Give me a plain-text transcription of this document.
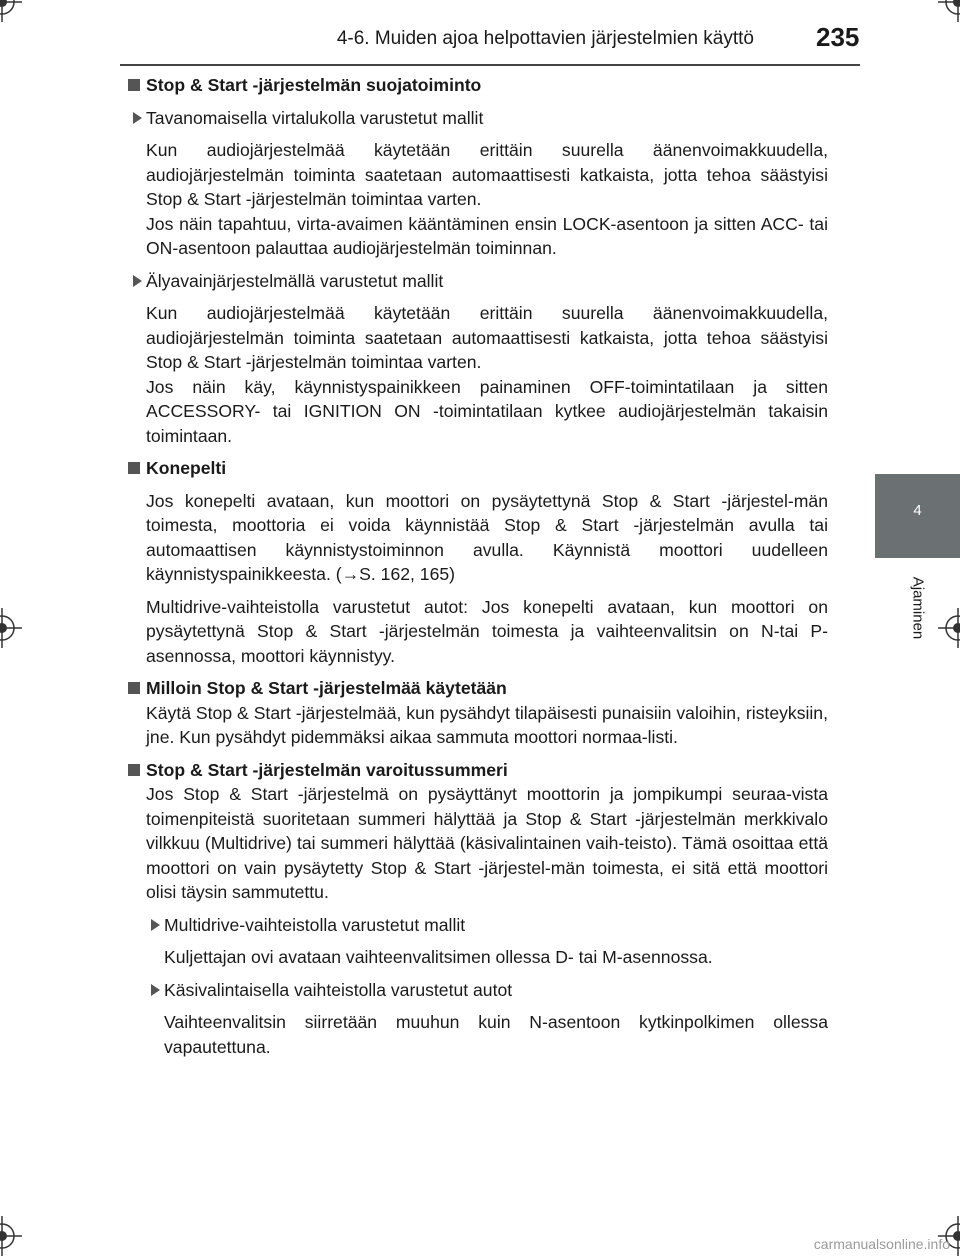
4-6. Muiden ajoa helpottavien järjestelmien käyttö 235
4
Ajaminen

Stop & Start -järjestelmän suojatoiminto

Tavanomaisella virtalukolla varustetut mallit

Kun audiojärjestelmää käytetään erittäin suurella äänenvoimakkuudella, audiojärjestelmän toiminta saatetaan automaattisesti katkaista, jotta tehoa säästyisi Stop & Start -järjestelmän toimintaa varten.

Jos näin tapahtuu, virta-avaimen kääntäminen ensin LOCK-asentoon ja sitten ACC- tai ON-asentoon palauttaa audiojärjestelmän toiminnan.

Älyavainjärjestelmällä varustetut mallit

Kun audiojärjestelmää käytetään erittäin suurella äänenvoimakkuudella, audiojärjestelmän toiminta saatetaan automaattisesti katkaista, jotta tehoa säästyisi Stop & Start -järjestelmän toimintaa varten.

Jos näin käy, käynnistyspainikkeen painaminen OFF-toimintatilaan ja sitten ACCESSORY- tai IGNITION ON -toimintatilaan kytkee audiojärjestelmän takaisin toimintaan.

Konepelti

Jos konepelti avataan, kun moottori on pysäytettynä Stop & Start -järjestel-män toimesta, moottoria ei voida käynnistää Stop & Start -järjestelmän avulla tai automaattisen käynnistystoiminnon avulla. Käynnistä moottori uudelleen käynnistyspainikkeesta. (→S. 162, 165)

Multidrive-vaihteistolla varustetut autot: Jos konepelti avataan, kun moottori on pysäytettynä Stop & Start -järjestelmän toimesta ja vaihteenvalitsin on N-tai P-asennossa, moottori käynnistyy.

Milloin Stop & Start -järjestelmää käytetään

Käytä Stop & Start -järjestelmää, kun pysähdyt tilapäisesti punaisiin valoihin, risteyksiin, jne. Kun pysähdyt pidemmäksi aikaa sammuta moottori normaa-listi.

Stop & Start -järjestelmän varoitussummeri

Jos Stop & Start -järjestelmä on pysäyttänyt moottorin ja jompikumpi seuraa-vista toimenpiteistä suoritetaan summeri hälyttää ja Stop & Start -järjestelmän merkkivalo vilkkuu (Multidrive) tai summeri hälyttää (käsivalintainen vaih-teisto). Tämä osoittaa että moottori on vain pysäytetty Stop & Start -järjestel-män toimesta, ei sitä että moottori olisi täysin sammutettu.

Multidrive-vaihteistolla varustetut mallit

Kuljettajan ovi avataan vaihteenvalitsimen ollessa D- tai M-asennossa.

Käsivalintaisella vaihteistolla varustetut autot

Vaihteenvalitsin siirretään muuhun kuin N-asentoon kytkinpolkimen ollessa vapautettuna.

carmanualsonline.info
